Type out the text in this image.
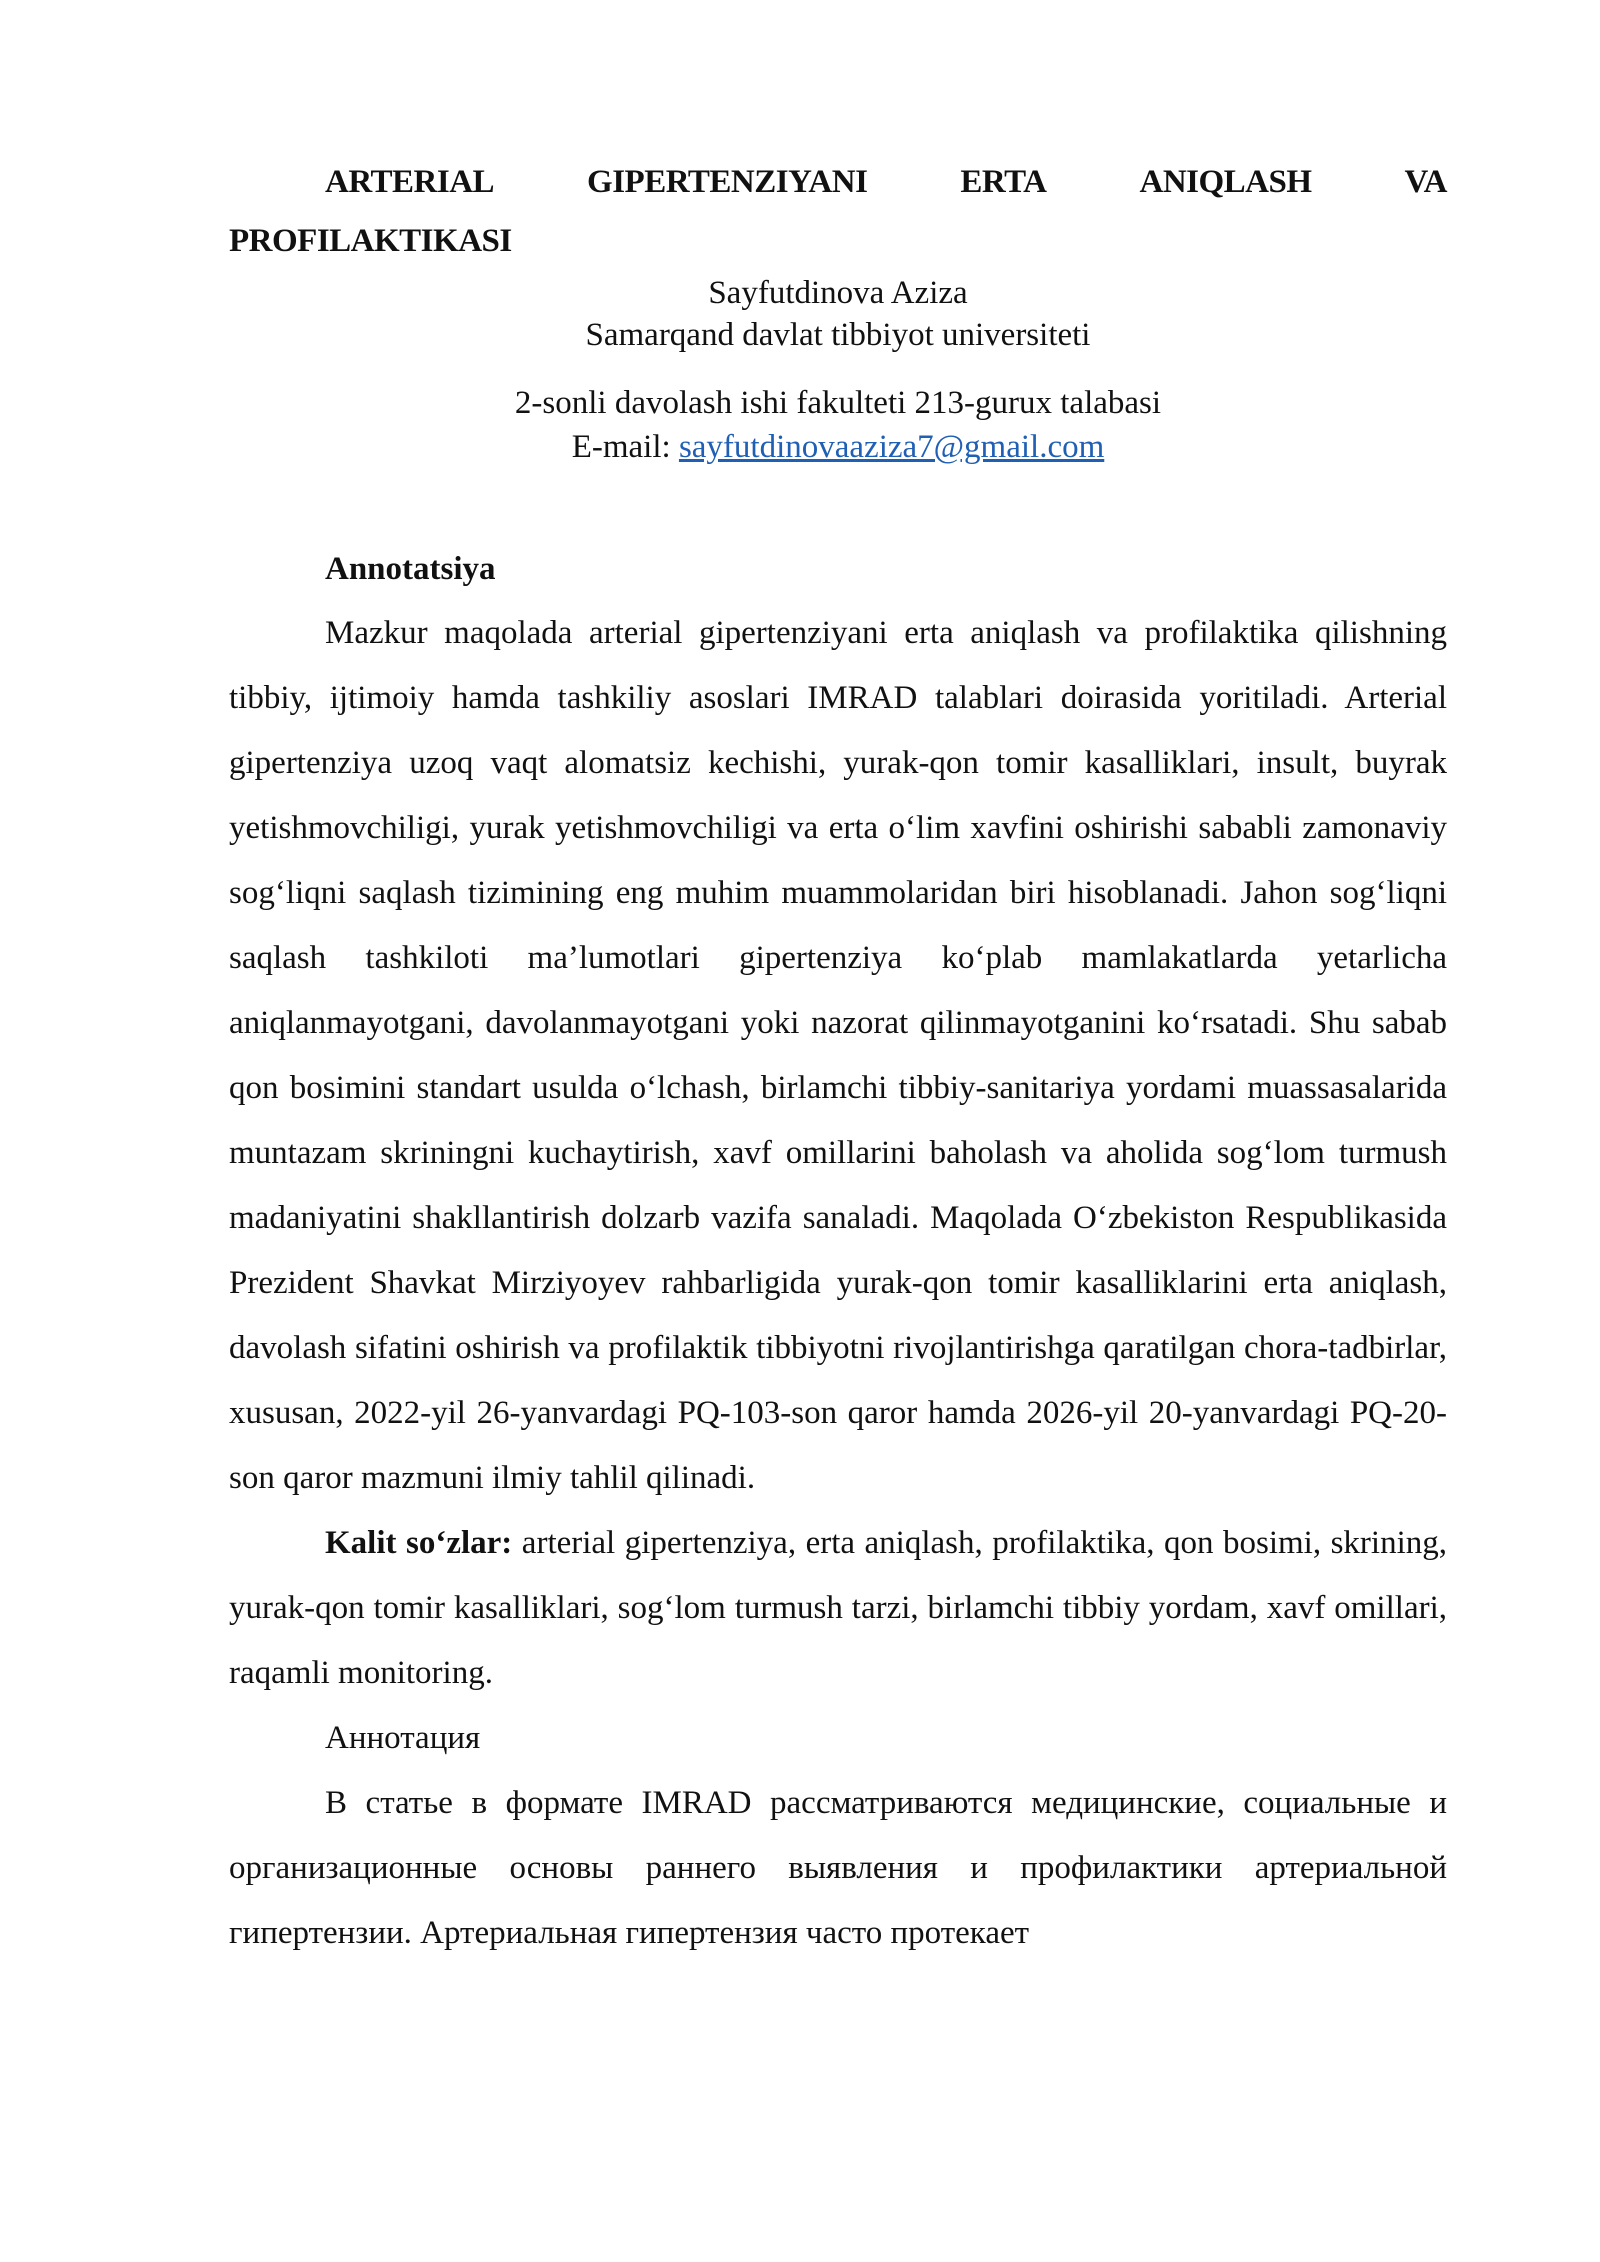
ARTERIAL	GIPERTENZIYANI	ERTA	ANIQLASH	VA
PROFILAKTIKASI
Sayfutdinova Aziza
Samarqand davlat tibbiyot universiteti
2-sonli davolash ishi fakulteti 213-gurux talabasi
E-mail: sayfutdinovaaziza7@gmail.com
Annotatsiya

Mazkur maqolada arterial gipertenziyani erta aniqlash va profilaktika qilishning tibbiy, ijtimoiy hamda tashkiliy asoslari IMRAD talablari doirasida yoritiladi. Arterial gipertenziya uzoq vaqt alomatsiz kechishi, yurak-qon tomir kasalliklari, insult, buyrak yetishmovchiligi, yurak yetishmovchiligi va erta o‘lim xavfini oshirishi sababli zamonaviy sog‘liqni saqlash tizimining eng muhim muammolaridan biri hisoblanadi. Jahon sog‘liqni saqlash tashkiloti ma’lumotlari gipertenziya ko‘plab mamlakatlarda yetarlicha aniqlanmayotgani, davolanmayotgani yoki nazorat qilinmayotganini ko‘rsatadi. Shu sabab qon bosimini standart usulda o‘lchash, birlamchi tibbiy-sanitariya yordami muassasalarida muntazam skriningni kuchaytirish, xavf omillarini baholash va aholida sog‘lom turmush madaniyatini shakllantirish dolzarb vazifa sanaladi. Maqolada O‘zbekiston Respublikasida Prezident Shavkat Mirziyoyev rahbarligida yurak-qon tomir kasalliklarini erta aniqlash, davolash sifatini oshirish va profilaktik tibbiyotni rivojlantirishga qaratilgan chora-tadbirlar, xususan, 2022-yil 26-yanvardagi PQ-103-son qaror hamda 2026-yil 20-yanvardagi PQ-20-son qaror mazmuni ilmiy tahlil qilinadi.

Kalit so‘zlar: arterial gipertenziya, erta aniqlash, profilaktika, qon bosimi, skrining, yurak-qon tomir kasalliklari, sog‘lom turmush tarzi, birlamchi tibbiy yordam, xavf omillari, raqamli monitoring.

Аннотация

В статье в формате IMRAD рассматриваются медицинские, социальные и организационные основы раннего выявления и профилактики артериальной гипертензии. Артериальная гипертензия часто протекает
